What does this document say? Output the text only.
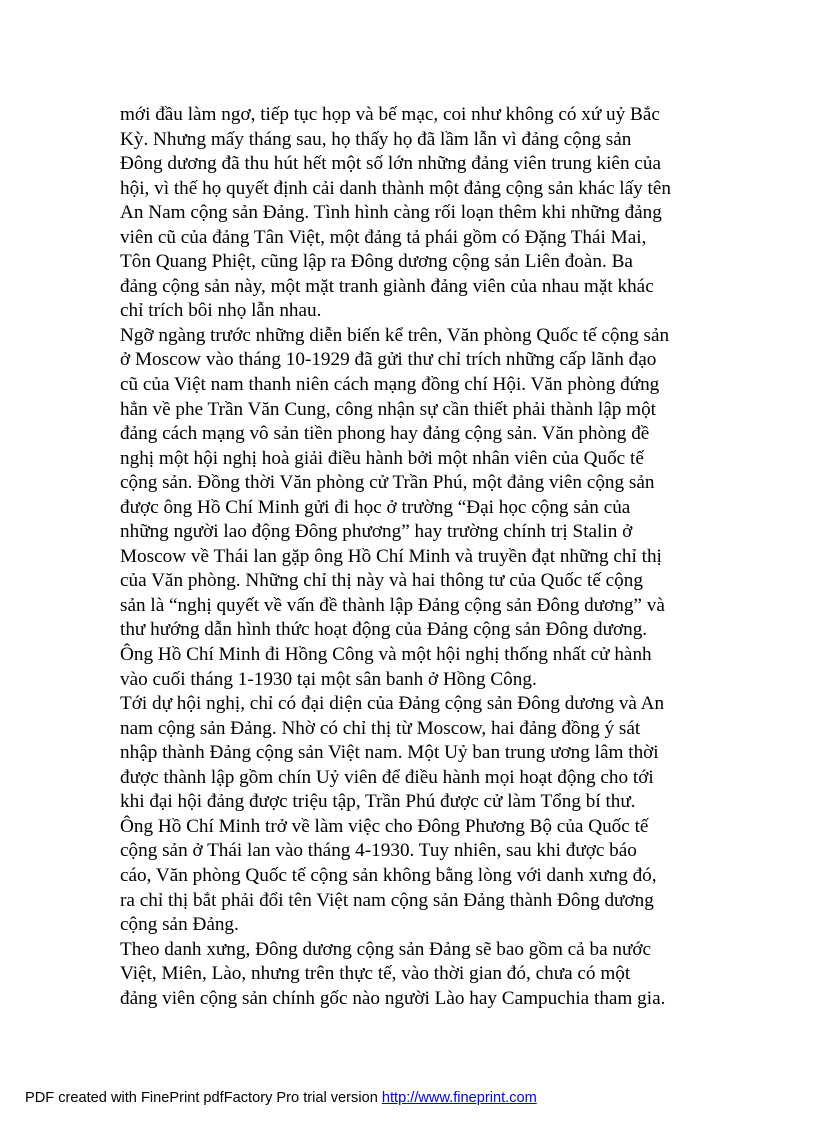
mới đầu làm ngơ, tiếp tục họp và bế mạc, coi như không có xứ uỷ Bắc
Kỳ. Nhưng mấy tháng sau, họ thấy họ đã lầm lẫn vì đảng cộng sản
Đông dương đã thu hút hết một số lớn những đảng viên trung kiên của
hội, vì thế họ quyết định cải danh thành một đảng cộng sản khác lấy tên
An Nam cộng sản Đảng. Tình hình càng rối loạn thêm khi những đảng
viên cũ của đảng Tân Việt, một đảng tả phái gồm có Đặng Thái Mai,
Tôn Quang Phiệt, cũng lập ra Đông dương cộng sản Liên đoàn. Ba
đảng cộng sản này, một mặt tranh giành đảng viên của nhau mặt khác
chỉ trích bôi nhọ lẫn nhau.
Ngỡ ngàng trước những diễn biến kể trên, Văn phòng Quốc tế cộng sản
ở Moscow vào tháng 10-1929 đã gửi thư chỉ trích những cấp lãnh đạo
cũ của Việt nam thanh niên cách mạng đồng chí Hội. Văn phòng đứng
hẳn về phe Trần Văn Cung, công nhận sự cần thiết phải thành lập một
đảng cách mạng vô sản tiền phong hay đảng cộng sản. Văn phòng đề
nghị một hội nghị hoà giải điều hành bởi một nhân viên của Quốc tế
cộng sản. Đồng thời Văn phòng cử Trần Phú, một đảng viên cộng sản
được ông Hồ Chí Minh gửi đi học ở trường “Đại học cộng sản của
những người lao động Đông phương” hay trường chính trị Stalin ở
Moscow về Thái lan gặp ông Hồ Chí Minh và truyền đạt những chỉ thị
của Văn phòng. Những chỉ thị này và hai thông tư của Quốc tế cộng
sản là “nghị quyết về vấn đề thành lập Đảng cộng sản Đông dương” và
thư hướng dẫn hình thức hoạt động của Đảng cộng sản Đông dương.
Ông Hồ Chí Minh đi Hồng Công và một hội nghị thống nhất cử hành
vào cuối tháng 1-1930 tại một sân banh ở Hồng Công.
Tới dự hội nghị, chỉ có đại diện của Đảng cộng sản Đông dương và An
nam cộng sản Đảng. Nhờ có chỉ thị từ Moscow, hai đảng đồng ý sát
nhập thành Đảng cộng sản Việt nam. Một Uỷ ban trung ương lâm thời
được thành lập gồm chín Uỷ viên để điều hành mọi hoạt động cho tới
khi đại hội đảng được triệu tập, Trần Phú được cử làm Tổng bí thư.
Ông Hồ Chí Minh trở về làm việc cho Đông Phương Bộ của Quốc tế
cộng sản ở Thái lan vào tháng 4-1930. Tuy nhiên, sau khi được báo
cáo, Văn phòng Quốc tế cộng sản không bằng lòng với danh xưng đó,
ra chỉ thị bắt phải đổi tên Việt nam cộng sản Đảng thành Đông dương
cộng sản Đảng.
Theo danh xưng, Đông dương cộng sản Đảng sẽ bao gồm cả ba nước
Việt, Miên, Lào, nhưng trên thực tế, vào thời gian đó, chưa có một
đảng viên cộng sản chính gốc nào người Lào hay Campuchia tham gia.
PDF created with FinePrint pdfFactory Pro trial version http://www.fineprint.com
